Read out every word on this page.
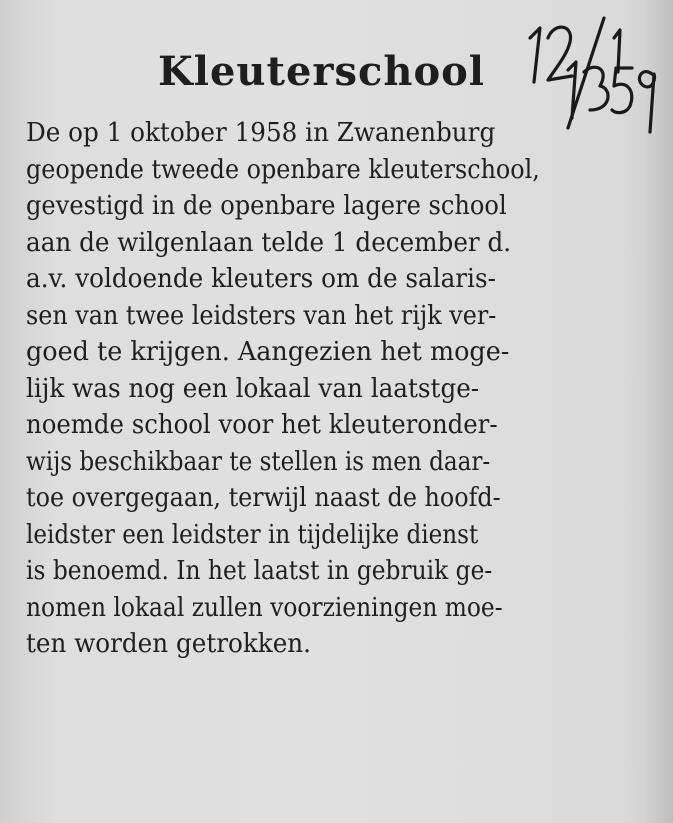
Kleuterschool
De op 1 oktober 1958 in Zwanenburg
geopende tweede openbare kleuterschool,
gevestigd in de openbare lagere school
aan de wilgenlaan telde 1 december d.
a.v. voldoende kleuters om de salaris-
sen van twee leidsters van het rijk ver-
goed te krijgen. Aangezien het moge-
lijk was nog een lokaal van laatstge-
noemde school voor het kleuteronder-
wijs beschikbaar te stellen is men daar-
toe overgegaan, terwijl naast de hoofd-
leidster een leidster in tijdelijke dienst
is benoemd. In het laatst in gebruik ge-
nomen lokaal zullen voorzieningen moe-
ten worden getrokken.
